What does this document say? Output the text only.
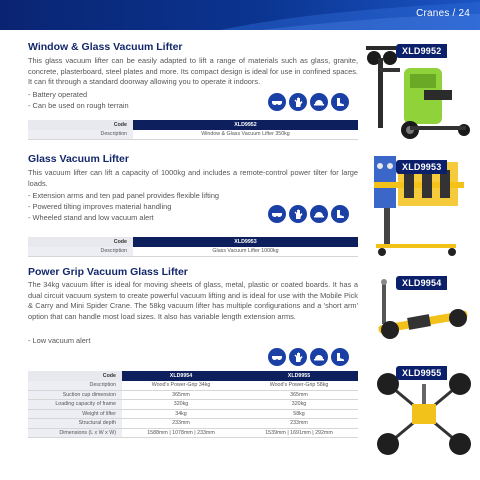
Cranes / 24
Window & Glass Vacuum Lifter
This glass vacuum lifter can be easily adapted to lift a range of materials such as glass, granite, concrete, plasterboard, steel plates and more. Its compact design is ideal for use in confined spaces. It can fit through a standard doorway allowing you to operate it indoors.
- Battery operated
- Can be used on rough terrain
Code	XLD9952
Description	Window & Glass Vacuum Lifter 350kg
XLD9952
Glass Vacuum Lifter
This vacuum lifter can lift a capacity of 1000kg and includes a remote-control power tilter for large loads.
- Extension arms and ten pad panel provides flexible lifting
- Powered tilting improves material handling
- Wheeled stand and low vacuum alert
Code	XLD9953
Description	Glass Vacuum Lifter 1000kg
XLD9953
Power Grip Vacuum Glass Lifter
The 34kg vacuum lifter is ideal for moving sheets of glass, metal, plastic or coated boards. It has a dual circuit vacuum system to create powerful vacuum lifting and is ideal for use with the Mobile Pick & Carry and Mini Spider Crane. The 58kg vacuum lifter has multiple configurations and a 'short arm' option that can handle most load sizes. It also has variable length extension arms.
- Low vacuum alert
Code	XLD9954	XLD9955
Description	Wood's Power-Grip 34kg	Wood's Power-Grip 58kg
Suction cup dimension	365mm	365mm
Loading capacity of frame	320kg	320kg
Weight of lifter	34kg	58kg
Structural depth	233mm	233mm
Dimensions (L x W x W)	1588mm | 1078mm | 233mm	1539mm | 1691mm | 292mm
XLD9954
XLD9955
